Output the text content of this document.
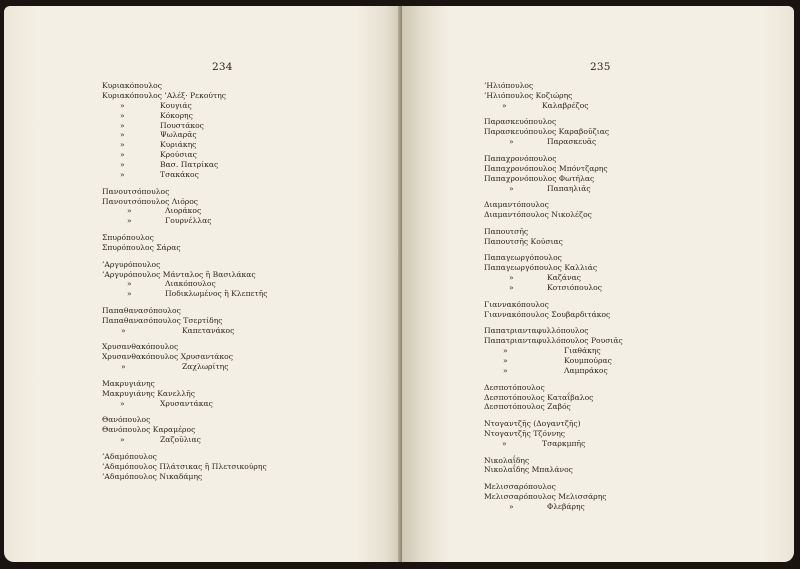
234
Κυριακόπουλος
Κυριακόπουλος ’Αλέξ· Ρεκούτης
»	Κουγιάς
»	Κόκορης
»	Πουστάκος
»	Ψωλαρᾶς
»	Κυριάκης
»	Κρούσιας
»	Βασ. Πατρίκας
»	Τσακάκος
Πανουτσόπουλος
Πανουτσόπουλος Λιόρος
»	Λιοράκος
»	Γουρνέλλας
Σπυρόπουλος
Σπυρόπουλος Σάρας
’Αργυρόπουλος
’Αργυρόπουλος Μάνταλος ἢ Βασιλάκας
»	Λιακόπουλος
»	Ποδικλωμένος ἢ Κλεπετῆς
Παπαθανασόπουλος
Παπαθανασόπουλος Τσερτίδης
»	Καπετανάκος
Χρυσανθακόπουλος
Χρυσανθακόπουλος Χρυσαντάκος
»	Ζαχλωρίτης
Μακρυγιάνης
Μακρυγιάνης Κανελλῆς
»	Χρυσαντάκας
Θανόπουλος
Θανόπουλος Καραμέρος
»	Ζαζοῦλιας
’Αδαμόπουλος
’Αδαμόπουλος Πλάτσικας ἢ Πλετσικούρης
’Αδαμόπουλος Νικαδάμης
235
’Ηλιόπουλος
’Ηλιόπουλος Κοζιώρης
»	Καλαβρέζος
Παρασκευόπουλος
Παρασκευόπουλος Καραβοῦζιας
»	Παρασκευᾶς
Παπαχρονόπουλος
Παπαχρονόπουλος Μπόντζαρης
Παπαχρονόπουλος Φωτήλας
»	Παπαηλιᾶς
Διαμαντόπουλος
Διαμαντόπουλος Νικολέζος
Παπουτσῆς
Παπουτσῆς Κούσιας
Παπαγεωργόπουλος
Παπαγεωργόπουλος Καλλιάς
»	Καζάνας
»	Κοτσιόπουλος
Γιαννακόπουλος
Γιαννακόπουλος Σουβαρδιτάκος
Παπατριανταφυλλόπουλος
Παπατριανταφυλλόπουλος Ρουσιᾶς
»	Γιαθάκης
»	Κουμπούρας
»	Λαμπράκος
Δεσποτόπουλος
Δεσποτόπουλος Καταΐβαλος
Δεσποτόπουλος Ζαβός
Ντογαντζῆς (Δογαντζῆς)
Ντογαντζῆς Τζόννης
»	Τσαρκμπῆς
Νικολαΐδης
Νικολαΐδης Μπαλάνος
Μελισσαρόπουλος
Μελισσαρόπουλος Μελισσάρης
»	Φλεβάρης
